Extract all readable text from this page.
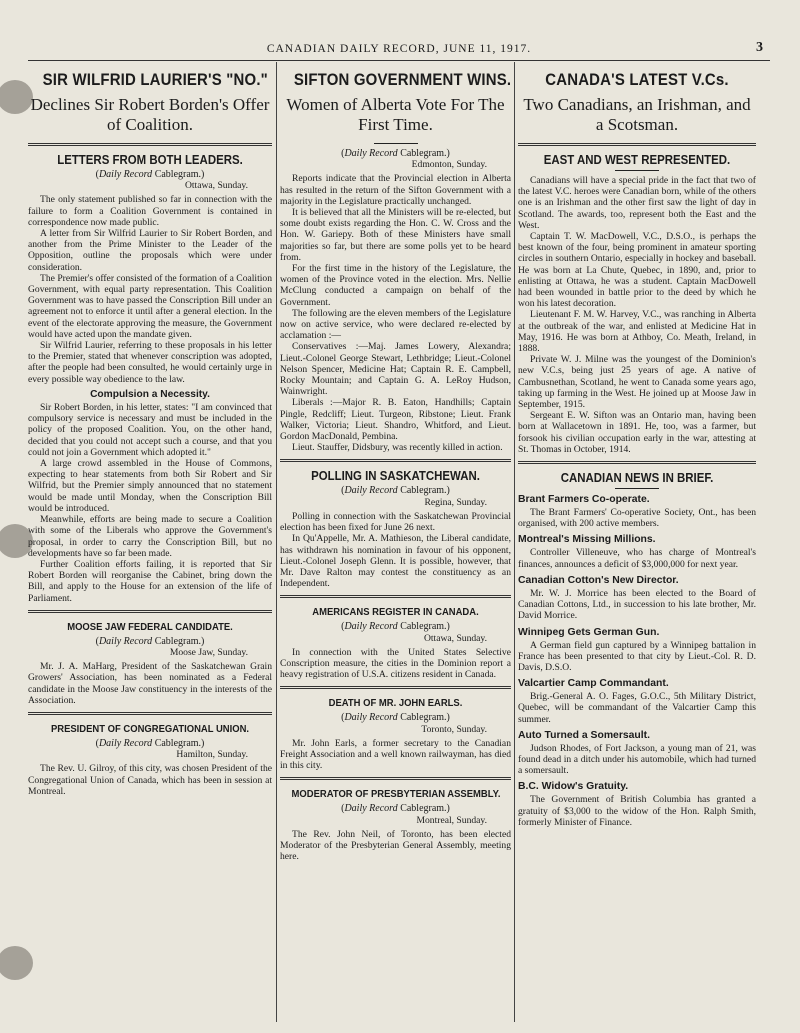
CANADIAN DAILY RECORD, JUNE 11, 1917.	3
SIR WILFRID LAURIER'S "NO."
Declines Sir Robert Borden's Offer of Coalition.
LETTERS FROM BOTH LEADERS.
(Daily Record Cablegram.)
Ottawa, Sunday.

The only statement published so far in connection with the failure to form a Coalition Government is contained in correspondence now made public.

A letter from Sir Wilfrid Laurier to Sir Robert Borden, and another from the Prime Minister to the Leader of the Opposition, outline the proposals which were under consideration.

The Premier's offer consisted of the formation of a Coalition Government, with equal party representation. This Coalition Government was to have passed the Conscription Bill under an agreement not to enforce it until after a general election. In the event of the electorate approving the measure, the Government would have acted upon the mandate given.

Sir Wilfrid Laurier, referring to these proposals in his letter to the Premier, stated that whenever conscription was adopted, after the people had been consulted, he would certainly urge in every possible way obedience to the law.

Compulsion a Necessity.

Sir Robert Borden, in his letter, states: "I am convinced that compulsory service is necessary and must be included in the policy of the proposed Coalition. You, on the other hand, decided that you could not accept such a course, and that you could not join a Government which adopted it."

A large crowd assembled in the House of Commons, expecting to hear statements from both Sir Robert and Sir Wilfrid, but the Premier simply announced that no statement would be made until Monday, when the Conscription Bill would be introduced.

Meanwhile, efforts are being made to secure a Coalition with some of the Liberals who approve the Government's proposal, in order to carry the Conscription Bill, but no developments have so far been made.

Further Coalition efforts failing, it is reported that Sir Robert Borden will reorganise the Cabinet, bring down the Bill, and apply to the House for an extension of the life of Parliament.

MOOSE JAW FEDERAL CANDIDATE.
(Daily Record Cablegram.)
Moose Jaw, Sunday.

Mr. J. A. MaHarg, President of the Saskatchewan Grain Growers' Association, has been nominated as a Federal candidate in the Moose Jaw constituency in the interests of the Association.

PRESIDENT OF CONGREGATIONAL UNION.
(Daily Record Cablegram.)
Hamilton, Sunday.

The Rev. U. Gilroy, of this city, was chosen President of the Congregational Union of Canada, which has been in session at Montreal.

SIFTON GOVERNMENT WINS.
Women of Alberta Vote For The First Time.
(Daily Record Cablegram.)
Edmonton, Sunday.

Reports indicate that the Provincial election in Alberta has resulted in the return of the Sifton Government with a majority in the Legislature practically unchanged.

It is believed that all the Ministers will be re-elected, but some doubt exists regarding the Hon. C. W. Cross and the Hon. W. Gariepy. Both of these Ministers have small majorities so far, but there are some polls yet to be heard from.

For the first time in the history of the Legislature, the women of the Province voted in the election. Mrs. Nellie McClung conducted a campaign on behalf of the Government.

The following are the eleven members of the Legislature now on active service, who were declared re-elected by acclamation :—

Conservatives :—Maj. James Lowery, Alexandra; Lieut.-Colonel George Stewart, Lethbridge; Lieut.-Colonel Nelson Spencer, Medicine Hat; Captain R. E. Campbell, Rocky Mountain; and Captain G. A. LeRoy Hudson, Wainwright.

Liberals :—Major R. B. Eaton, Handhills; Captain Pingle, Redcliff; Lieut. Turgeon, Ribstone; Lieut. Frank Walker, Victoria; Lieut. Shandro, Whitford, and Lieut. Gordon MacDonald, Pembina.

Lieut. Stauffer, Didsbury, was recently killed in action.

POLLING IN SASKATCHEWAN.
(Daily Record Cablegram.)
Regina, Sunday.

Polling in connection with the Saskatchewan Provincial election has been fixed for June 26 next.

In Qu'Appelle, Mr. A. Mathieson, the Liberal candidate, has withdrawn his nomination in favour of his opponent, Lieut.-Colonel Joseph Glenn. It is possible, however, that Mr. Dave Ralton may contest the constituency as an Independent.

AMERICANS REGISTER IN CANADA.
(Daily Record Cablegram.)
Ottawa, Sunday.

In connection with the United States Selective Conscription measure, the cities in the Dominion report a heavy registration of U.S.A. citizens resident in Canada.

DEATH OF MR. JOHN EARLS.
(Daily Record Cablegram.)
Toronto, Sunday.

Mr. John Earls, a former secretary to the Canadian Freight Association and a well known railwayman, has died in this city.

MODERATOR OF PRESBYTERIAN ASSEMBLY.
(Daily Record Cablegram.)
Montreal, Sunday.

The Rev. John Neil, of Toronto, has been elected Moderator of the Presbyterian General Assembly, meeting here.

CANADA'S LATEST V.Cs.
Two Canadians, an Irishman, and a Scotsman.
EAST AND WEST REPRESENTED.

Canadians will have a special pride in the fact that two of the latest V.C. heroes were Canadian born, while of the others one is an Irishman and the other first saw the light of day in Scotland. The awards, too, represent both the East and the West.

Captain T. W. MacDowell, V.C., D.S.O., is perhaps the best known of the four, being prominent in amateur sporting circles in southern Ontario, especially in hockey and baseball. He was born at La Chute, Quebec, in 1890, and, prior to enlisting at Ottawa, he was a student. Captain MacDowell had been wounded in battle prior to the deed by which he won his latest decoration.

Lieutenant F. M. W. Harvey, V.C., was ranching in Alberta at the outbreak of the war, and enlisted at Medicine Hat in May, 1916. He was born at Athboy, Co. Meath, Ireland, in 1888.

Private W. J. Milne was the youngest of the Dominion's new V.C.s, being just 25 years of age. A native of Cambusnethan, Scotland, he went to Canada some years ago, taking up farming in the West. He joined up at Moose Jaw in September, 1915.

Sergeant E. W. Sifton was an Ontario man, having been born at Wallacetown in 1891. He, too, was a farmer, but forsook his civilian occupation early in the war, attesting at St. Thomas in October, 1914.

CANADIAN NEWS IN BRIEF.
Brant Farmers Co-operate.

The Brant Farmers' Co-operative Society, Ont., has been organised, with 200 active members.

Montreal's Missing Millions.

Controller Villeneuve, who has charge of Montreal's finances, announces a deficit of $3,000,000 for next year.

Canadian Cotton's New Director.

Mr. W. J. Morrice has been elected to the Board of Canadian Cottons, Ltd., in succession to his late brother, Mr. David Morrice.

Winnipeg Gets German Gun.

A German field gun captured by a Winnipeg battalion in France has been presented to that city by Lieut.-Col. R. D. Davis, D.S.O.

Valcartier Camp Commandant.

Brig.-General A. O. Fages, G.O.C., 5th Military District, Quebec, will be commandant of the Valcartier Camp this summer.

Auto Turned a Somersault.

Judson Rhodes, of Fort Jackson, a young man of 21, was found dead in a ditch under his automobile, which had turned a somersault.

B.C. Widow's Gratuity.

The Government of British Columbia has granted a gratuity of $3,000 to the widow of the Hon. Ralph Smith, formerly Minister of Finance.
